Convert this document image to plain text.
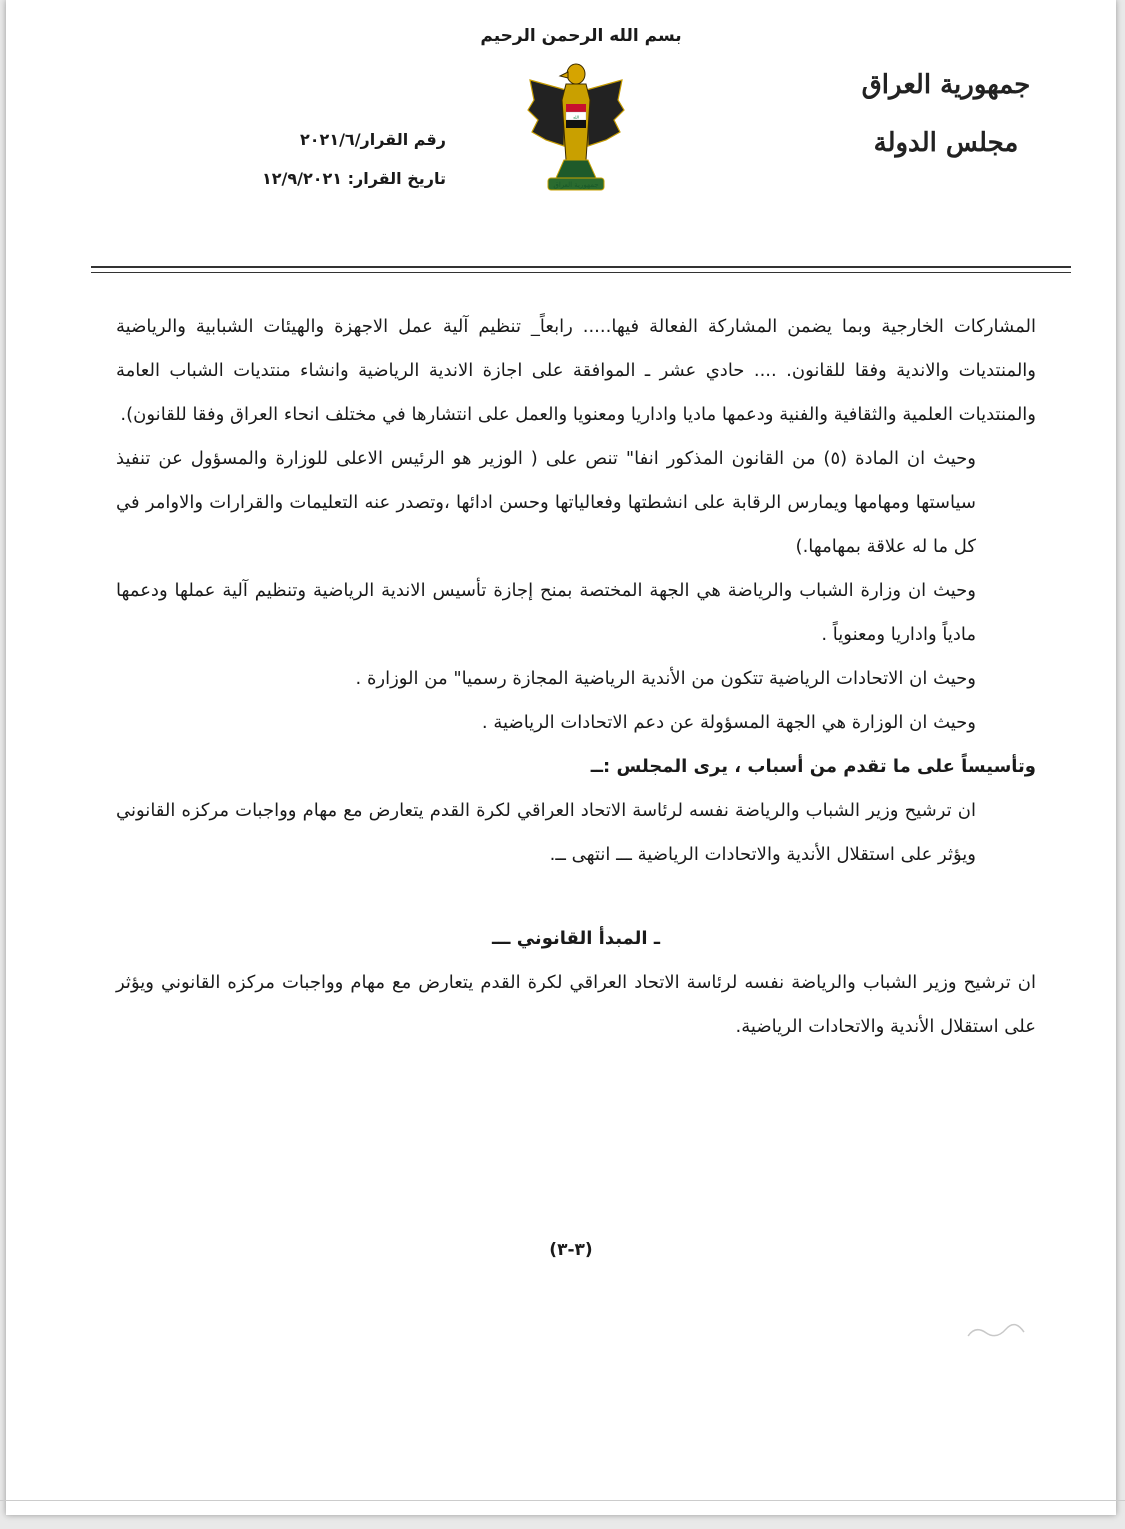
بسم الله الرحمن الرحيم
الله
جمهورية العراق
جمهورية العراق
مجلس الدولة
رقم القرار/٢٠٢١/٦
تاريخ القرار: ١٢/٩/٢٠٢١

المشاركات الخارجية وبما يضمن المشاركة الفعالة فيها..... رابعاً_ تنظيم آلية عمل الاجهزة والهيئات الشبابية والرياضية والمنتديات والاندية وفقا للقانون. .... حادي عشر ـ الموافقة على اجازة الاندية الرياضية وانشاء منتديات الشباب العامة والمنتديات العلمية والثقافية والفنية ودعمها ماديا واداريا ومعنويا والعمل على انتشارها في مختلف انحاء العراق وفقا للقانون).

وحيث ان المادة (٥) من القانون المذكور انفا" تنص على ( الوزير هو الرئيس الاعلى للوزارة والمسؤول عن تنفيذ سياستها ومهامها ويمارس الرقابة على انشطتها وفعالياتها وحسن ادائها ،وتصدر عنه التعليمات والقرارات والاوامر في كل ما له علاقة بمهامها.)

وحيث ان وزارة الشباب والرياضة هي الجهة المختصة بمنح إجازة تأسيس الاندية الرياضية وتنظيم آلية عملها ودعمها مادياً واداريا ومعنوياً .

وحيث ان الاتحادات الرياضية تتكون من الأندية الرياضية المجازة رسميا" من الوزارة .

وحيث ان الوزارة هي الجهة المسؤولة عن دعم الاتحادات الرياضية .

وتأسيساً على ما تقدم من أسباب ، يرى المجلس :ــ

ان ترشيح وزير الشباب والرياضة نفسه لرئاسة الاتحاد العراقي لكرة القدم يتعارض مع مهام وواجبات مركزه القانوني ويؤثر على استقلال الأندية والاتحادات الرياضية ـــ انتهى ــ.

ـ المبدأ القانوني ـــ

ان ترشيح وزير الشباب والرياضة نفسه لرئاسة الاتحاد العراقي لكرة القدم يتعارض مع مهام وواجبات مركزه القانوني ويؤثر على استقلال الأندية والاتحادات الرياضية.

(٣-٣)
